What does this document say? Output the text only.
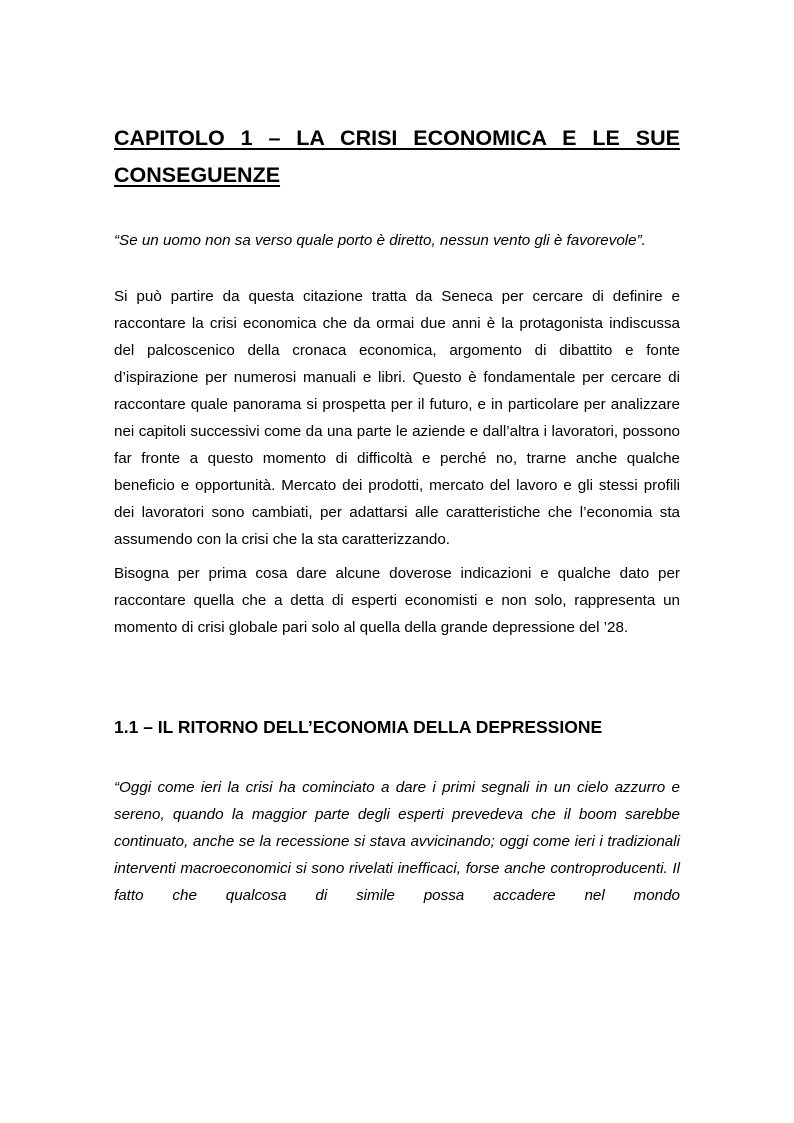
CAPITOLO 1 – LA CRISI ECONOMICA E LE SUE CONSEGUENZE

“Se un uomo non sa verso quale porto è diretto, nessun vento gli è favorevole”.

Si può partire da questa citazione tratta da Seneca per cercare di definire e raccontare la crisi economica che da ormai due anni è la protagonista indiscussa del palcoscenico della cronaca economica, argomento di dibattito e fonte d’ispirazione per numerosi manuali e libri. Questo è fondamentale per cercare di raccontare quale panorama si prospetta per il futuro, e in particolare per analizzare nei capitoli successivi come da una parte le aziende e dall’altra i lavoratori, possono far fronte a questo momento di difficoltà e perché no, trarne anche qualche beneficio e opportunità. Mercato dei prodotti, mercato del lavoro e gli stessi profili dei lavoratori sono cambiati, per adattarsi alle caratteristiche che l’economia sta assumendo con la crisi che la sta caratterizzando.

Bisogna per prima cosa dare alcune doverose indicazioni e qualche dato per raccontare quella che a detta di esperti economisti e non solo, rappresenta un momento di crisi globale pari solo al quella della grande depressione del ’28.

1.1 – IL RITORNO DELL’ECONOMIA DELLA DEPRESSIONE

“Oggi come ieri la crisi ha cominciato a dare i primi segnali in un cielo azzurro e sereno, quando la maggior parte degli esperti prevedeva che il boom sarebbe continuato, anche se la recessione si stava avvicinando; oggi come ieri i tradizionali interventi macroeconomici si sono rivelati inefficaci, forse anche controproducenti. Il fatto che qualcosa di simile possa accadere nel mondo
